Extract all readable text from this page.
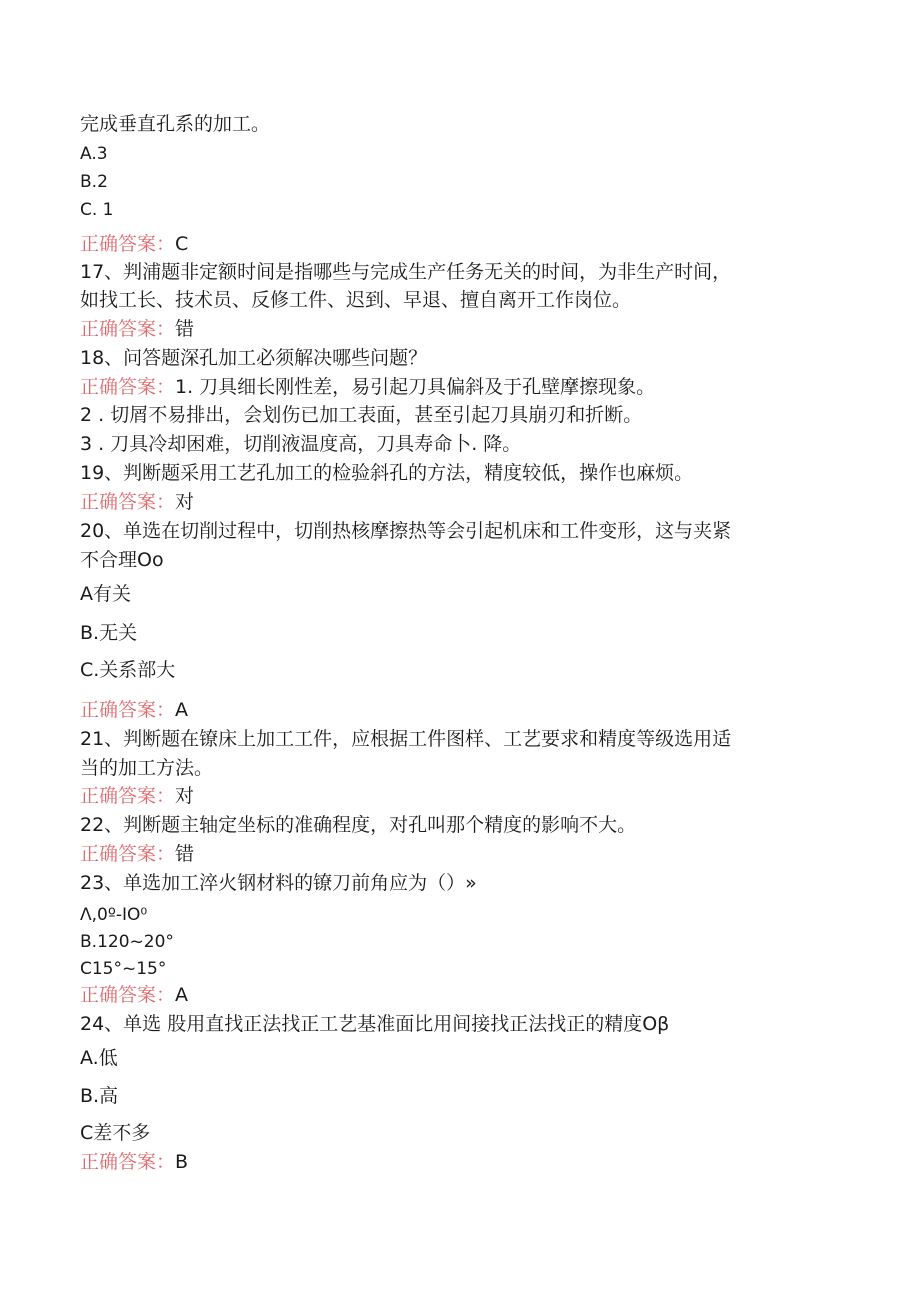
完成垂直孔系的加工。
A.3
B.2
C. 1
正确答案：C
17、判浦题非定额时间是指哪些与完成生产任务无关的时间，为非生产时间，
如找工长、技术员、反修工件、迟到、早退、擅自离开工作岗位。
正确答案：错
18、问答题深孔加工必须解决哪些问题？
正确答案：1. 刀具细长刚性差，易引起刀具偏斜及于孔壁摩擦现象。
2 . 切屑不易排出，会划伤已加工表面，甚至引起刀具崩刃和折断。
3 . 刀具冷却困难，切削液温度高，刀具寿命卜. 降。
19、判断题采用工艺孔加工的检验斜孔的方法，精度较低，操作也麻烦。
正确答案：对
20、单选在切削过程中，切削热核摩擦热等会引起机床和工件变形，这与夹紧
不合理Oo
A有关
B.无关
C.关系部大
正确答案：A
21、判断题在镣床上加工工件，应根据工件图样、工艺要求和精度等级选用适
当的加工方法。
正确答案：对
22、判断题主轴定坐标的准确程度，对孔叫那个精度的影响不大。
正确答案：错
23、单选加工淬火钢材料的镣刀前角应为（）»
Λ,0º-IO⁰
B.120~20°
C15°~15°
正确答案：A
24、单选 股用直找正法找正工艺基准面比用间接找正法找正的精度Oβ
A.低
B.高
C差不多
正确答案：B
